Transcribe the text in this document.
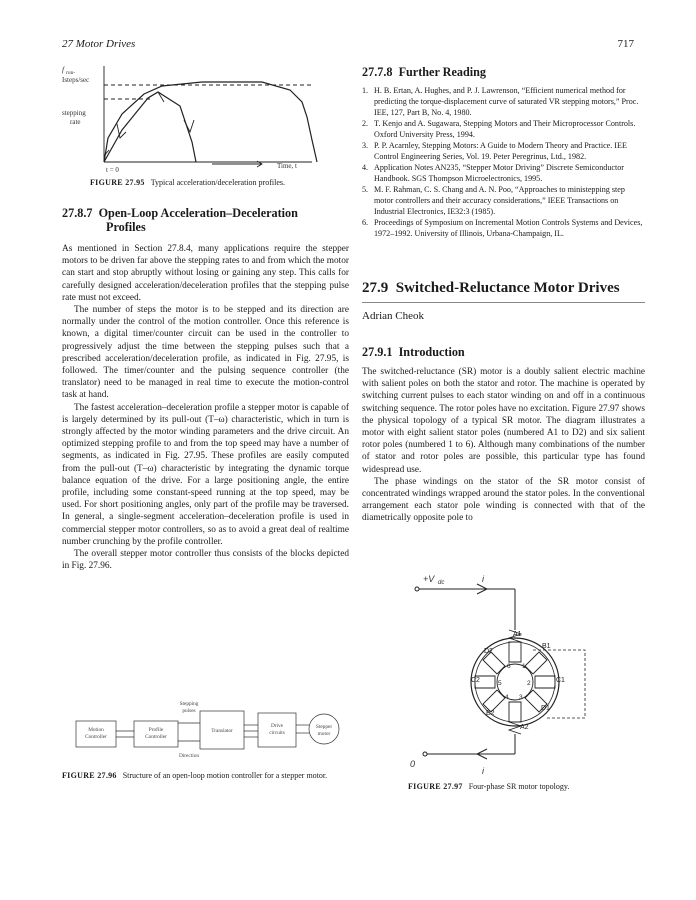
27 Motor Drives	717
f run-
Isteps/sec
stepping
rate
t = 0	Time, t
FIGURE 27.95 Typical acceleration/deceleration profiles.
27.8.7 Open-Loop Acceleration–Deceleration
Profiles

As mentioned in Section 27.8.4, many applications require the stepper motors to be driven far above the stepping rates to and from which the motor can start and stop abruptly without losing or gaining any step. This calls for carefully designed acceleration/deceleration profiles that the stepping pulse rate must not exceed.

The number of steps the motor is to be stepped and its direction are normally under the control of the motion controller. Once this reference is known, a digital timer/counter circuit can be used in the controller to progressively adjust the time between the stepping pulses such that a prescribed acceleration/deceleration profile, as indicated in Fig. 27.95, is followed. The timer/counter and the pulsing sequence controller (the translator) need to be managed in real time to execute the motion-control task at hand.

The fastest acceleration–deceleration profile a stepper motor is capable of is largely determined by its pull-out (T–ω) characteristic, which in turn is strongly affected by the motor winding parameters and the drive circuit. An optimized stepping profile to and from the top speed may have a number of segments, as indicated in Fig. 27.95. These profiles are easily computed from the pull-out (T–ω) characteristic by integrating the dynamic torque balance equation of the drive. For a large positioning angle, the entire profile, including some constant-speed running at the top speed, may be used. For short positioning angles, only part of the profile may be traversed. In general, a single-segment acceleration–deceleration profile is used in commercial stepper motor controllers, so as to avoid a great deal of realtime number crunching by the profile controller.

The overall stepper motor controller thus consists of the blocks depicted in Fig. 27.96.

Motion
Controller
Profile
Controller
Translator
Drive
circuits
Stepper
motor
Stepping
pulses
Direction
FIGURE 27.96 Structure of an open-loop motion controller for a stepper motor.
27.7.8 Further Reading
1. H. B. Ertan, A. Hughes, and P. J. Lawrenson, “Efficient numerical method for predicting the torque-displacement curve of saturated VR stepping motors,” Proc. IEE, 127, Part B, No. 4, 1980.
2. T. Kenjo and A. Sugawara, Stepping Motors and Their Microprocessor Controls. Oxford University Press, 1994.
3. P. P. Acarnley, Stepping Motors: A Guide to Modern Theory and Practice. IEE Control Engineering Series, Vol. 19. Peter Peregrinus, Ltd., 1982.
4. Application Notes AN235, “Stepper Motor Driving” Discrete Semiconductor Handbook. SGS Thompson Microelectronics, 1995.
5. M. F. Rahman, C. S. Chang and A. N. Poo, “Approaches to ministepping step motor controllers and their accuracy considerations,” IEEE Transactions on Industrial Electronics, IE32:3 (1985).
6. Proceedings of Symposium on Incremental Motion Controls Systems and Devices, 1972–1992. University of Illinois, Urbana-Champaign, IL.
27.9 Switched-Reluctance Motor Drives
Adrian Cheok
27.9.1 Introduction

The switched-reluctance (SR) motor is a doubly salient electric machine with salient poles on both the stator and rotor. The machine is operated by switching current pulses to each stator winding on and off in a continuous switching sequence. The rotor poles have no excitation. Figure 27.97 shows the physical topology of a typical SR motor. The diagram illustrates a motor with eight salient stator poles (numbered A1 to D2) and six salient rotor poles (numbered 1 to 6). Although many combinations of the number of stator and rotor poles are possible, this particular type has found widespread use.

The phase windings on the stator of the SR motor consist of concentrated windings wrapped around the stator poles. In the conventional arrangement each stator pole winding is connected with that of the diametrically opposite pole to

+V dc	i
0
i
A1
B1
C1
D1
A2
B2
C2
D2
1
2
3
4
5
6
FIGURE 27.97 Four-phase SR motor topology.
